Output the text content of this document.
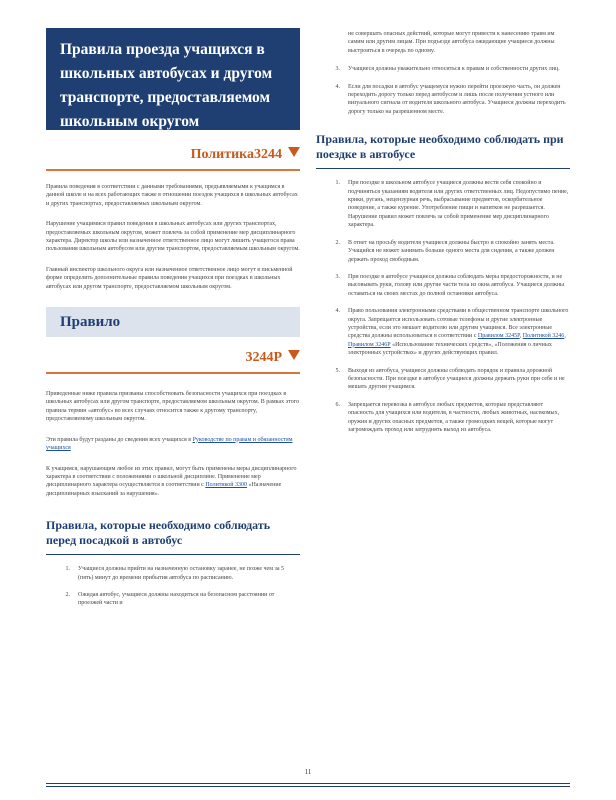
Правила проезда учащихся в школьных автобусах и другом транспорте, предоставляемом школьным округом
Политика3244
Правила поведения в соответствии с данными требованиями, предъявляемыми к учащимся в данной школе и на всех работающих также в отношении поездок учащихся в школьных автобусах и других транспортах, предоставляемых школьным округом.
Нарушение учащимися правил поведения в школьных автобусах или других транспортах, предоставляемых школьным округом, может повлечь за собой применение мер дисциплинарного характера. Директор школы или назначенное ответственное лицо могут лишить учащегося права пользования школьным автобусом или другим транспортом, предоставляемым школьным округом.
Главный инспектор школьного округа или назначенное ответственное лицо могут в письменной форме определить дополнительные правила поведения учащихся при поездках в школьных автобусах или другом транспорте, предоставляемом школьным округом.
Правило
3244Р
Приведенные ниже правила призваны способствовать безопасности учащихся при поездках в школьных автобусах или другом транспорте, предоставляемом школьным округом. В рамках этого правила термин «автобус» во всех случаях относится также к другому транспорту, предоставляемому школьным округом.
Эти правила будут разданы до сведения всех учащихся в Руководстве по правам и обязанностям учащихся
К учащимся, нарушающим любое из этих правил, могут быть применены меры дисциплинарного характера в соответствии с положениями о школьной дисциплине. Применение мер дисциплинарного характера осуществляется в соответствии с Политикой 3300 «Назначение дисциплинарных взысканий за нарушения».
Правила, которые необходимо соблюдать перед посадкой в автобус
1.	Учащиеся должны прийти на назначенную остановку заранее, не позже чем за 5 (пять) минут до времени прибытия автобуса по расписанию.
2.	Ожидая автобус, учащиеся должны находиться на безопасном расстоянии от проезжей части и
не совершать опасных действий, которые могут привести к нанесению травм им самим или другим лицам. При подъезде автобуса ожидающие учащиеся должны выстроиться в очередь по одному.
3.	Учащиеся должны уважительно относиться к правам и собственности других лиц.
4.	Если для посадки в автобус учащемуся нужно перейти проезжую часть, он должен переходить дорогу только перед автобусом и лишь после получения устного или визуального сигнала от водителя школьного автобуса. Учащиеся должны переходить дорогу только на разрешенном месте.
Правила, которые необходимо соблюдать при поездке в автобусе
1.	При поездке в школьном автобусе учащиеся должны вести себя спокойно и подчиняться указаниям водителя или других ответственных лиц. Недопустимо пение, крики, ругань, нецензурная речь, выбрасывание предметов, оскорбительное поведение, а также курение. Употребление пищи и напитков не разрешается. Нарушение правил может повлечь за собой применение мер дисциплинарного характера.
2.	В ответ на просьбу водителя учащиеся должны быстро и спокойно занять места. Учащийся не может занимать больше одного места для сидения, а также должен держать проход свободным.
3.	При поездке в автобусе учащиеся должны соблюдать меры предосторожности, и не высовывать руки, голову или другие части тела из окна автобуса. Учащиеся должны оставаться на своих местах до полной остановки автобуса.
4.	Право пользования электронными средствами в общественном транспорте школьного округа. Запрещается использовать сотовые телефоны и другие электронные устройства, если это мешает водителю или другим учащимся. Все электронные средства должны использоваться в соответствии с Правилом 3245Р, Политикой 3246, Правилом 3246Р «Использование технических средств», «Положения о личных электронных устройствах» и других действующих правил.
5.	Выходя из автобуса, учащиеся должны соблюдать порядок и правила дорожной безопасности. При поездке в автобусе учащиеся должны держать руки при себе и не мешать другим учащимся.
6.	Запрещается перевозка в автобусе любых предметов, которые представляют опасность для учащихся или водителя, в частности, любых животных, насекомых, оружия и других опасных предметов, а также громоздких вещей, которые могут загромождать проход или затруднять выход из автобуса.
11
